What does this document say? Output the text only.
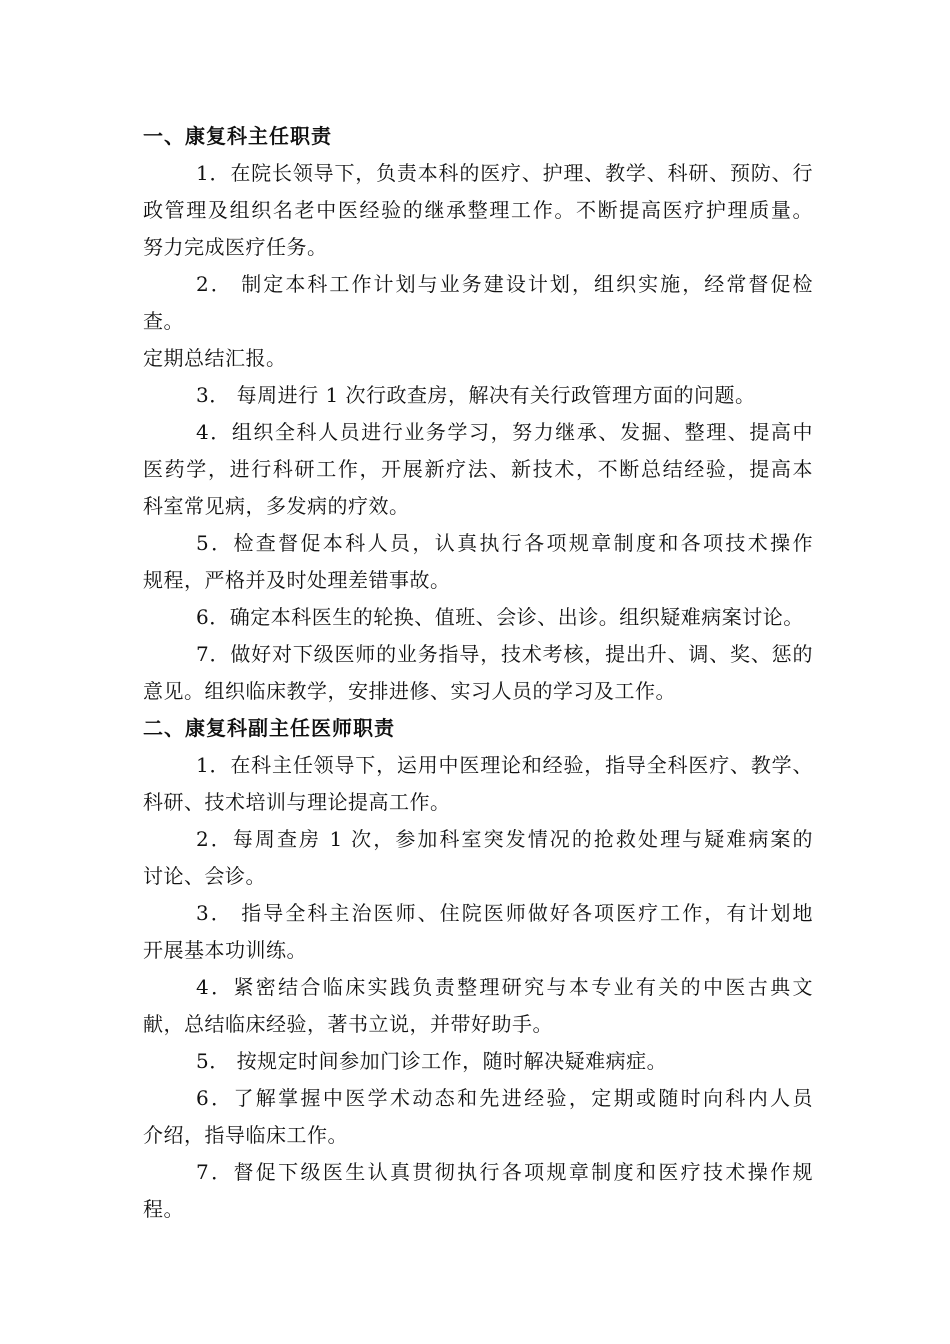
一、康复科主任职责
1．在院长领导下，负责本科的医疗、护理、教学、科研、预防、行
政管理及组织名老中医经验的继承整理工作。不断提高医疗护理质量。
努力完成医疗任务。
2． 制定本科工作计划与业务建设计划，组织实施，经常督促检
查。
定期总结汇报。
3． 每周进行 1 次行政查房，解决有关行政管理方面的问题。
4．组织全科人员进行业务学习，努力继承、发掘、整理、提高中
医药学，进行科研工作，开展新疗法、新技术，不断总结经验，提高本
科室常见病，多发病的疗效。
5．检查督促本科人员，认真执行各项规章制度和各项技术操作
规程，严格并及时处理差错事故。
6．确定本科医生的轮换、值班、会诊、出诊。组织疑难病案讨论。
7．做好对下级医师的业务指导，技术考核，提出升、调、奖、惩的
意见。组织临床教学，安排进修、实习人员的学习及工作。
二、康复科副主任医师职责
1．在科主任领导下，运用中医理论和经验，指导全科医疗、教学、
科研、技术培训与理论提高工作。
2．每周查房 1 次，参加科室突发情况的抢救处理与疑难病案的
讨论、会诊。
3． 指导全科主治医师、住院医师做好各项医疗工作，有计划地
开展基本功训练。
4．紧密结合临床实践负责整理研究与本专业有关的中医古典文
献，总结临床经验，著书立说，并带好助手。
5． 按规定时间参加门诊工作，随时解决疑难病症。
6．了解掌握中医学术动态和先进经验，定期或随时向科内人员
介绍，指导临床工作。
7．督促下级医生认真贯彻执行各项规章制度和医疗技术操作规
程。
